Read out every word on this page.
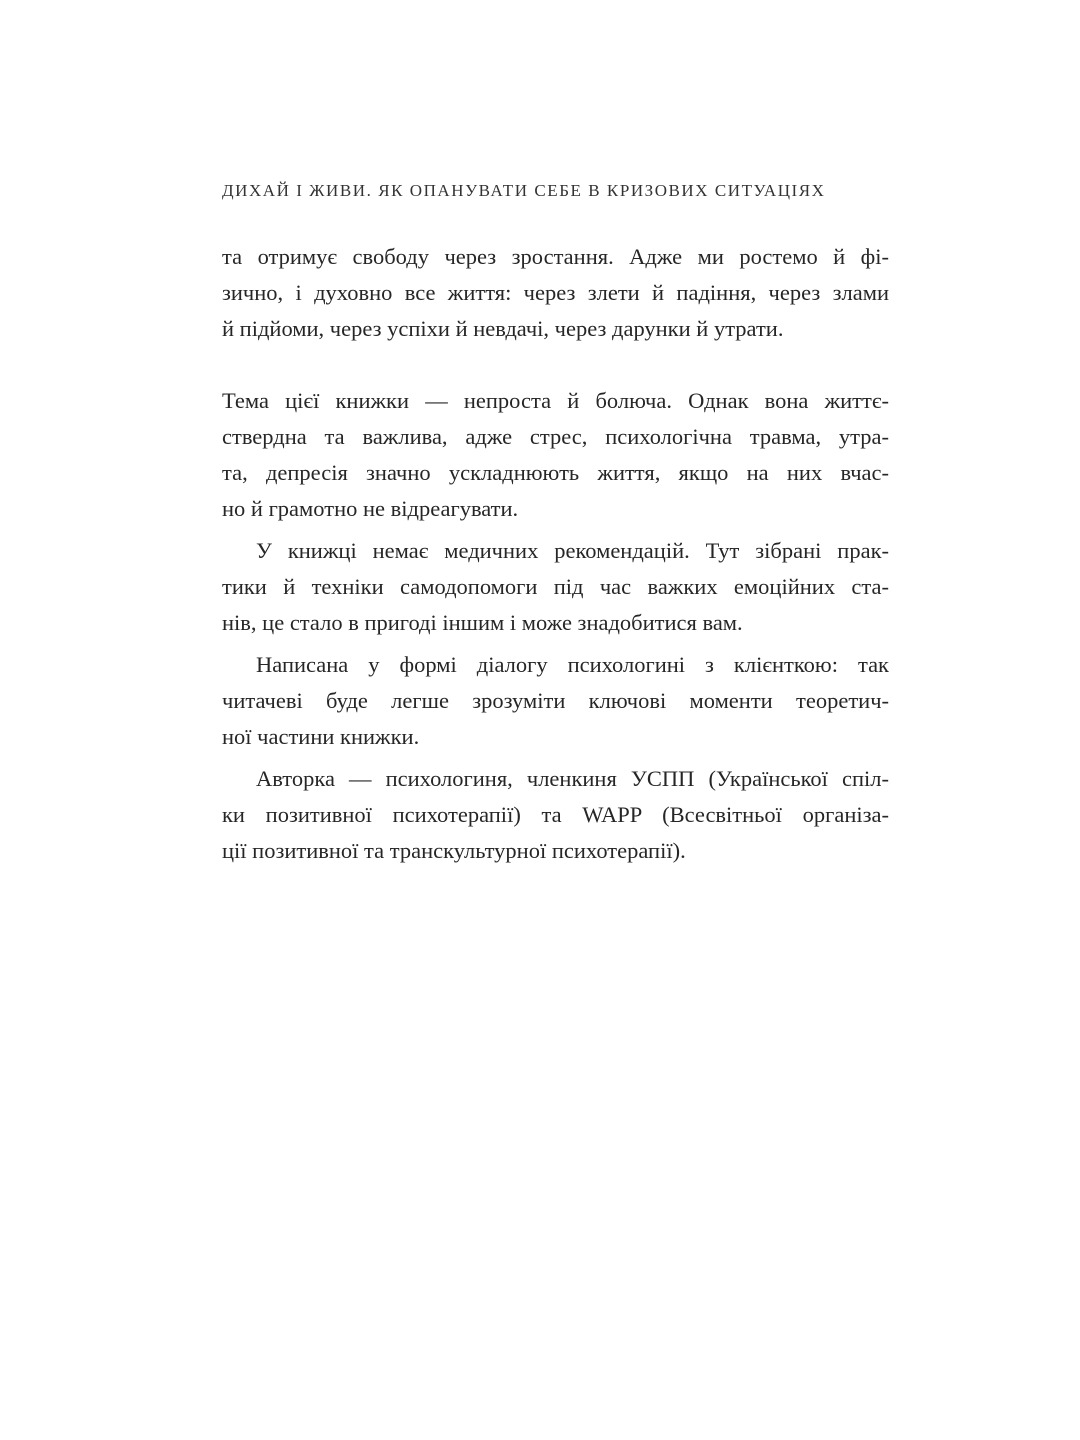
ДИХАЙ І ЖИВИ. ЯК ОПАНУВАТИ СЕБЕ В КРИЗОВИХ СИТУАЦІЯХ
та отримує свободу через зростання. Адже ми ростемо й фі-
зично, і духовно все життя: через злети й падіння, через злами
й підйоми, через успіхи й невдачі, через дарунки й утрати.
Тема цієї книжки — непроста й болюча. Однак вона життє-
ствердна та важлива, адже стрес, психологічна травма, утра-
та, депресія значно ускладнюють життя, якщо на них вчас-
но й грамотно не відреагувати.
У книжці немає медичних рекомендацій. Тут зібрані прак-
тики й техніки самодопомоги під час важких емоційних ста-
нів, це стало в пригоді іншим і може знадобитися вам.
Написана у формі діалогу психологині з клієнткою: так
читачеві буде легше зрозуміти ключові моменти теоретич-
ної частини книжки.
Авторка — психологиня, членкиня УСПП (Української спіл-
ки позитивної психотерапії) та WAPP (Всесвітньої організа-
ції позитивної та транскультурної психотерапії).
